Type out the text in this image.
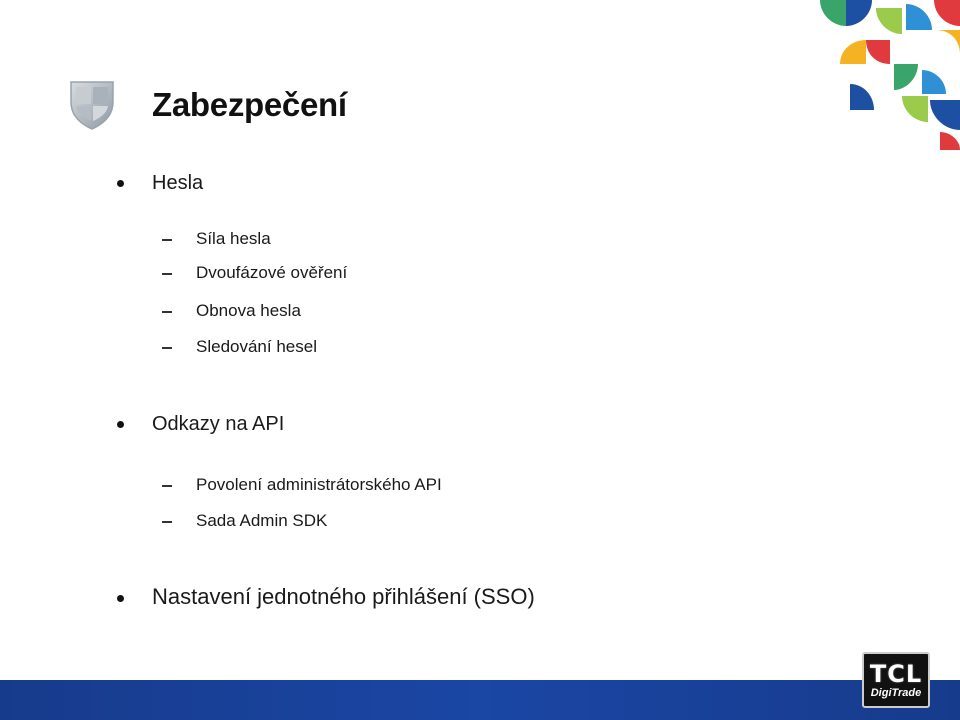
Zabezpečení
Hesla
Síla hesla
Dvoufázové ověření
Obnova hesla
Sledování hesel
Odkazy na API
Povolení administrátorského API
Sada Admin SDK
Nastavení jednotného přihlášení (SSO)
TCL
DigiTrade
